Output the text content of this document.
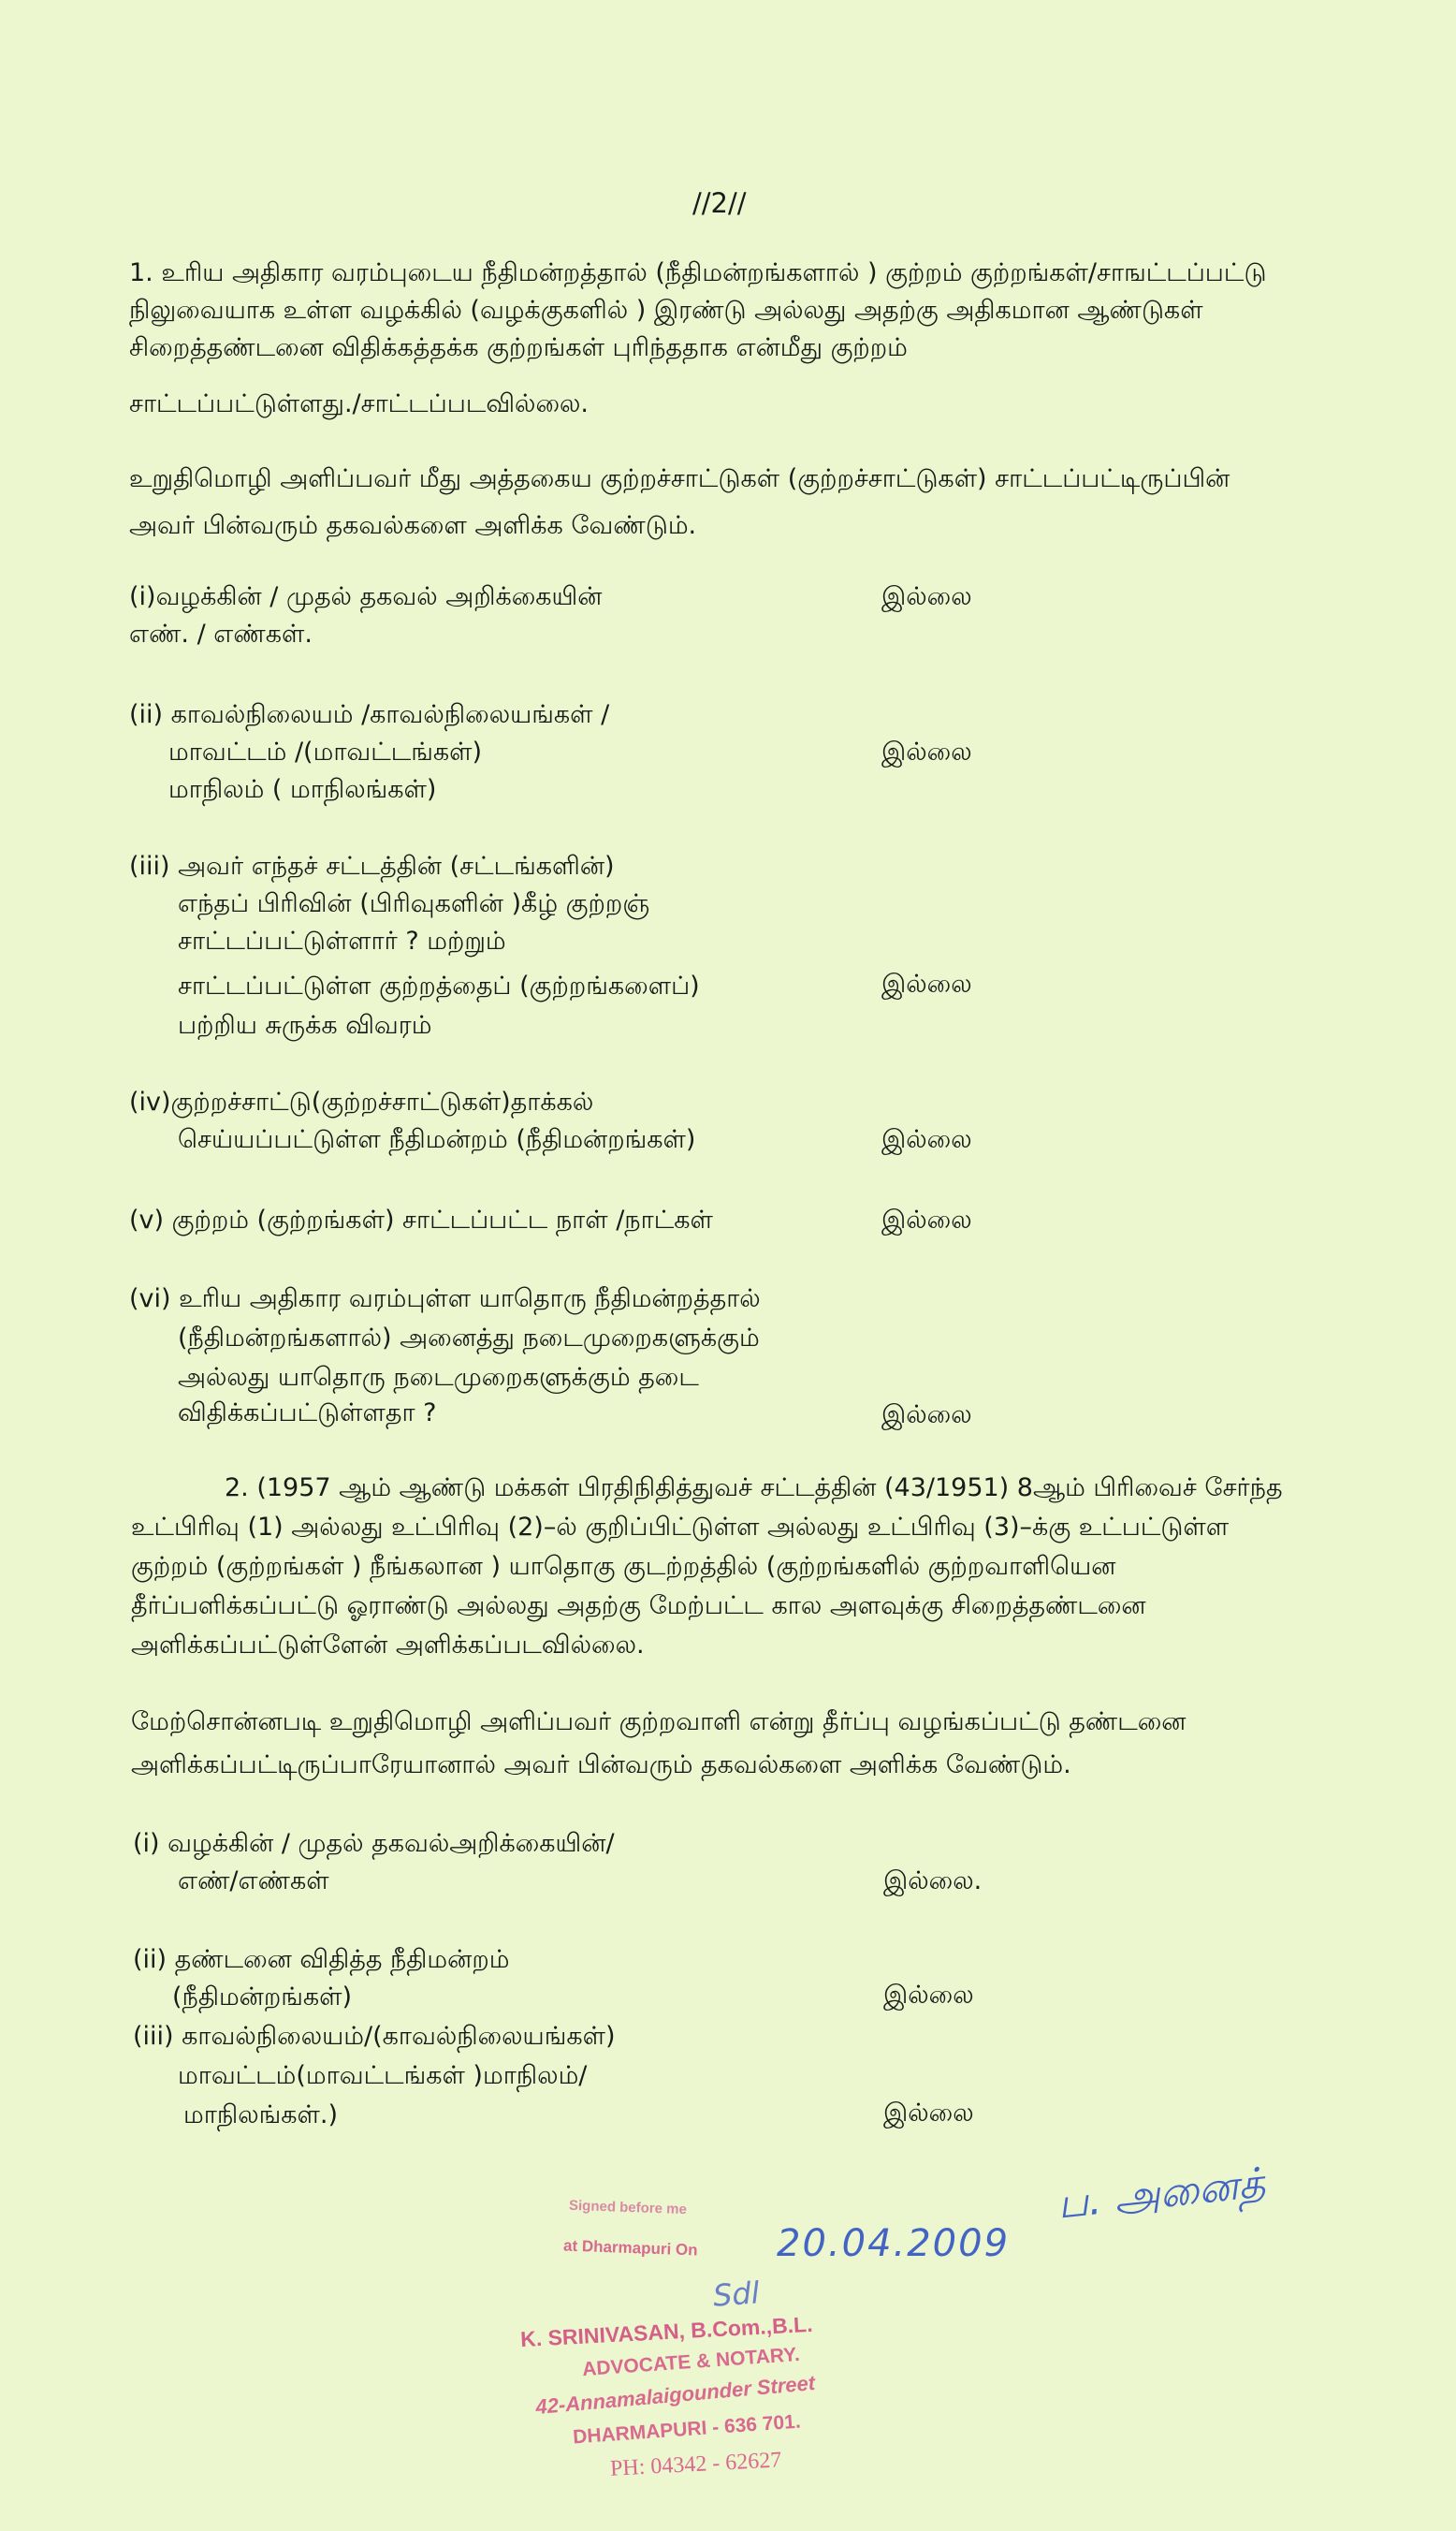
//2//
1. உரிய அதிகார வரம்புடைய நீதிமன்றத்தால் (நீதிமன்றங்களால் ) குற்றம் குற்றங்கள்/சாஙட்டப்பட்டு
நிலுவையாக உள்ள வழக்கில் (வழக்குகளில் ) இரண்டு அல்லது அதற்கு அதிகமான ஆண்டுகள்
சிறைத்தண்டனை விதிக்கத்தக்க குற்றங்கள் புரிந்ததாக என்மீது குற்றம்
சாட்டப்பட்டுள்ளது./சாட்டப்படவில்லை.
உறுதிமொழி அளிப்பவர் மீது அத்தகைய குற்றச்சாட்டுகள் (குற்றச்சாட்டுகள்) சாட்டப்பட்டிருப்பின்
அவர் பின்வரும் தகவல்களை அளிக்க வேண்டும்.
(i)வழக்கின் / முதல் தகவல் அறிக்கையின்
எண். / எண்கள்.
இல்லை
(ii) காவல்நிலையம் /காவல்நிலையங்கள் /
மாவட்டம் /(மாவட்டங்கள்)
மாநிலம் ( மாநிலங்கள்)
இல்லை
(iii) அவர் எந்தச் சட்டத்தின் (சட்டங்களின்)
எந்தப் பிரிவின் (பிரிவுகளின் )கீழ் குற்றஞ்
சாட்டப்பட்டுள்ளார் ? மற்றும்
சாட்டப்பட்டுள்ள குற்றத்தைப் (குற்றங்களைப்)
பற்றிய சுருக்க விவரம்
இல்லை
(iv)குற்றச்சாட்டு(குற்றச்சாட்டுகள்)தாக்கல்
செய்யப்பட்டுள்ள நீதிமன்றம் (நீதிமன்றங்கள்)	இல்லை
(v) குற்றம் (குற்றங்கள்) சாட்டப்பட்ட நாள் /நாட்கள்	இல்லை
(vi) உரிய அதிகார வரம்புள்ள யாதொரு நீதிமன்றத்தால்
(நீதிமன்றங்களால்) அனைத்து நடைமுறைகளுக்கும்
அல்லது யாதொரு நடைமுறைகளுக்கும் தடை
விதிக்கப்பட்டுள்ளதா ?	இல்லை
2. (1957 ஆம் ஆண்டு மக்கள் பிரதிநிதித்துவச் சட்டத்தின் (43/1951) 8ஆம் பிரிவைச் சேர்ந்த
உட்பிரிவு (1) அல்லது உட்பிரிவு (2)–ல் குறிப்பிட்டுள்ள அல்லது உட்பிரிவு (3)–க்கு உட்பட்டுள்ள
குற்றம் (குற்றங்கள் ) நீங்கலான ) யாதொகு குடற்றத்தில் (குற்றங்களில் குற்றவாளியென
தீர்ப்பளிக்கப்பட்டு ஓராண்டு அல்லது அதற்கு மேற்பட்ட கால அளவுக்கு சிறைத்தண்டனை
அளிக்கப்பட்டுள்ளேன் அளிக்கப்படவில்லை.
மேற்சொன்னபடி உறுதிமொழி அளிப்பவர் குற்றவாளி என்று தீர்ப்பு வழங்கப்பட்டு தண்டனை
அளிக்கப்பட்டிருப்பாரேயானால் அவர் பின்வரும் தகவல்களை அளிக்க வேண்டும்.
(i) வழக்கின் / முதல் தகவல்அறிக்கையின்/
எண்/எண்கள்	இல்லை.
(ii) தண்டனை விதித்த நீதிமன்றம்
(நீதிமன்றங்கள்)	இல்லை
(iii) காவல்நிலையம்/(காவல்நிலையங்கள்)
மாவட்டம்(மாவட்டங்கள் )மாநிலம்/
மாநிலங்கள்.)	இல்லை
ப. அனைத்
Signed before me
at Dharmapuri On 20.04.2009
Sdl
K. SRINIVASAN, B.Com.,B.L.
ADVOCATE & NOTARY.
42-Annamalaigounder Street
DHARMAPURI - 636 701.
PH: 04342 - 62627
